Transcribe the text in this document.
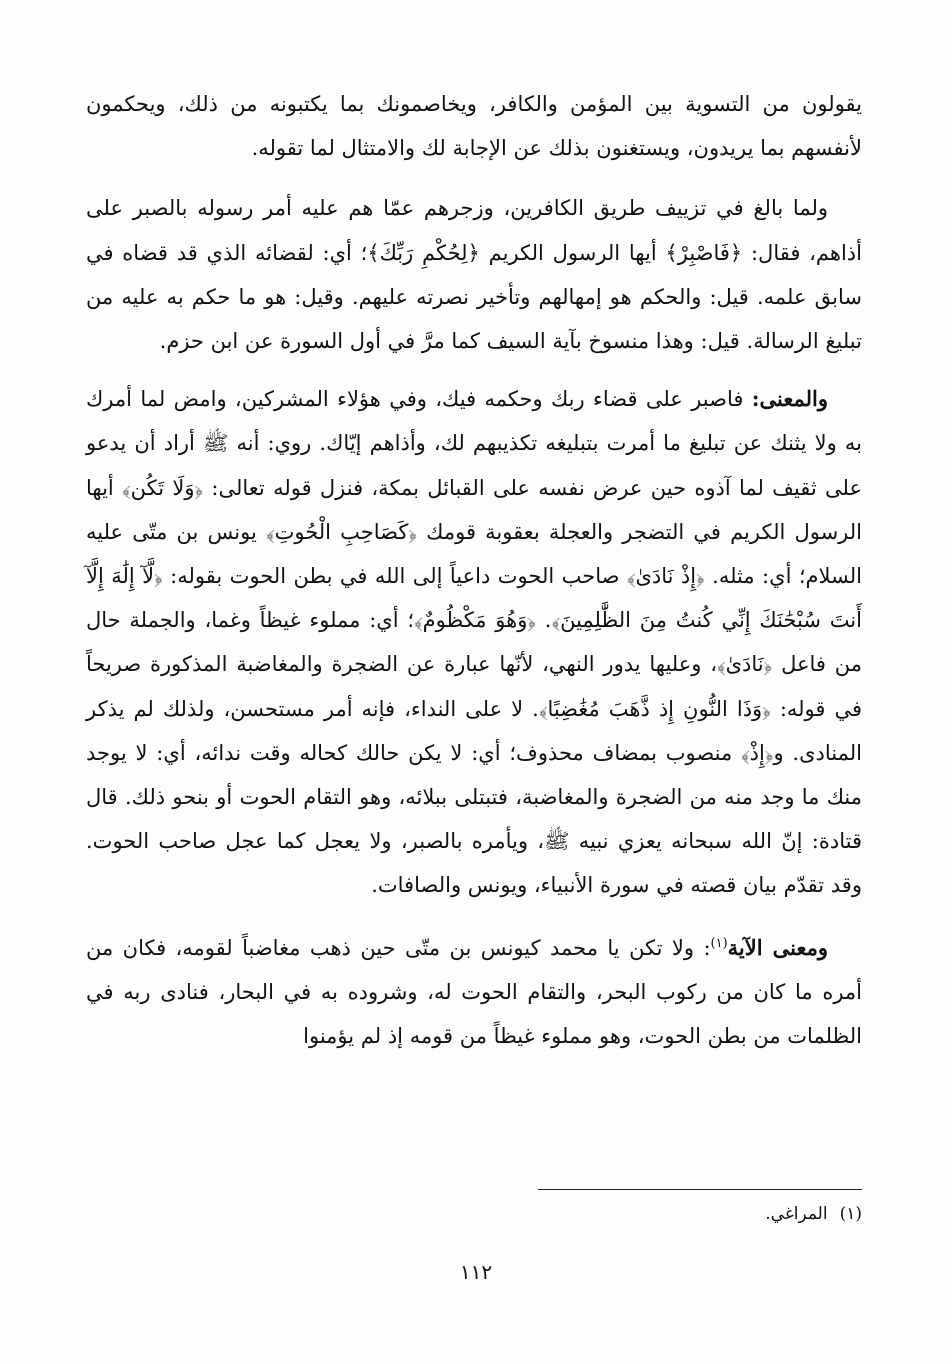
يقولون من التسوية بين المؤمن والكافر، ويخاصمونك بما يكتبونه من ذلك، ويحكمون لأنفسهم بما يريدون، ويستغنون بذلك عن الإجابة لك والامتثال لما تقوله.

ولما بالغ في تزييف طريق الكافرين، وزجرهم عمّا هم عليه أمر رسوله بالصبر على أذاهم، فقال: ﴿فَاصْبِرْ﴾ أيها الرسول الكريم ﴿لِحُكْمِ رَبِّكَ﴾؛ أي: لقضائه الذي قد قضاه في سابق علمه. قيل: والحكم هو إمهالهم وتأخير نصرته عليهم. وقيل: هو ما حكم به عليه من تبليغ الرسالة. قيل: وهذا منسوخ بآية السيف كما مرَّ في أول السورة عن ابن حزم.

والمعنى: فاصبر على قضاء ربك وحكمه فيك، وفي هؤلاء المشركين، وامض لما أمرك به ولا يثنك عن تبليغ ما أمرت بتبليغه تكذيبهم لك، وأذاهم إيّاك. روي: أنه ﷺ أراد أن يدعو على ثقيف لما آذوه حين عرض نفسه على القبائل بمكة، فنزل قوله تعالى: ﴿وَلَا تَكُن﴾ أيها الرسول الكريم في التضجر والعجلة بعقوبة قومك ﴿كَصَاحِبِ الْحُوتِ﴾ يونس بن متّى عليه السلام؛ أي: مثله. ﴿إِذْ نَادَىٰ﴾ صاحب الحوت داعياً إلى الله في بطن الحوت بقوله: ﴿لَّآ إِلَٰهَ إِلَّآ أَنتَ سُبْحَٰنَكَ إِنِّي كُنتُ مِنَ الظَّٰلِمِينَ﴾. ﴿وَهُوَ مَكْظُومٌ﴾؛ أي: مملوء غيظاً وغما، والجملة حال من فاعل ﴿نَادَىٰ﴾، وعليها يدور النهي، لأنّها عبارة عن الضجرة والمغاضبة المذكورة صريحاً في قوله: ﴿وَذَا النُّونِ إِذ ذَّهَبَ مُغَٰضِبًا﴾. لا على النداء، فإنه أمر مستحسن، ولذلك لم يذكر المنادى. و﴿إِذْ﴾ منصوب بمضاف محذوف؛ أي: لا يكن حالك كحاله وقت ندائه، أي: لا يوجد منك ما وجد منه من الضجرة والمغاضبة، فتبتلى ببلائه، وهو التقام الحوت أو بنحو ذلك. قال قتادة: إنّ الله سبحانه يعزي نبيه ﷺ، ويأمره بالصبر، ولا يعجل كما عجل صاحب الحوت. وقد تقدّم بيان قصته في سورة الأنبياء، ويونس والصافات.

ومعنى الآية$^{(١)}$: ولا تكن يا محمد كيونس بن متّى حين ذهب مغاضباً لقومه، فكان من أمره ما كان من ركوب البحر، والتقام الحوت له، وشروده به في البحار، فنادى ربه في الظلمات من بطن الحوت، وهو مملوء غيظاً من قومه إذ لم يؤمنوا

(١)المراغي.
١١٢
